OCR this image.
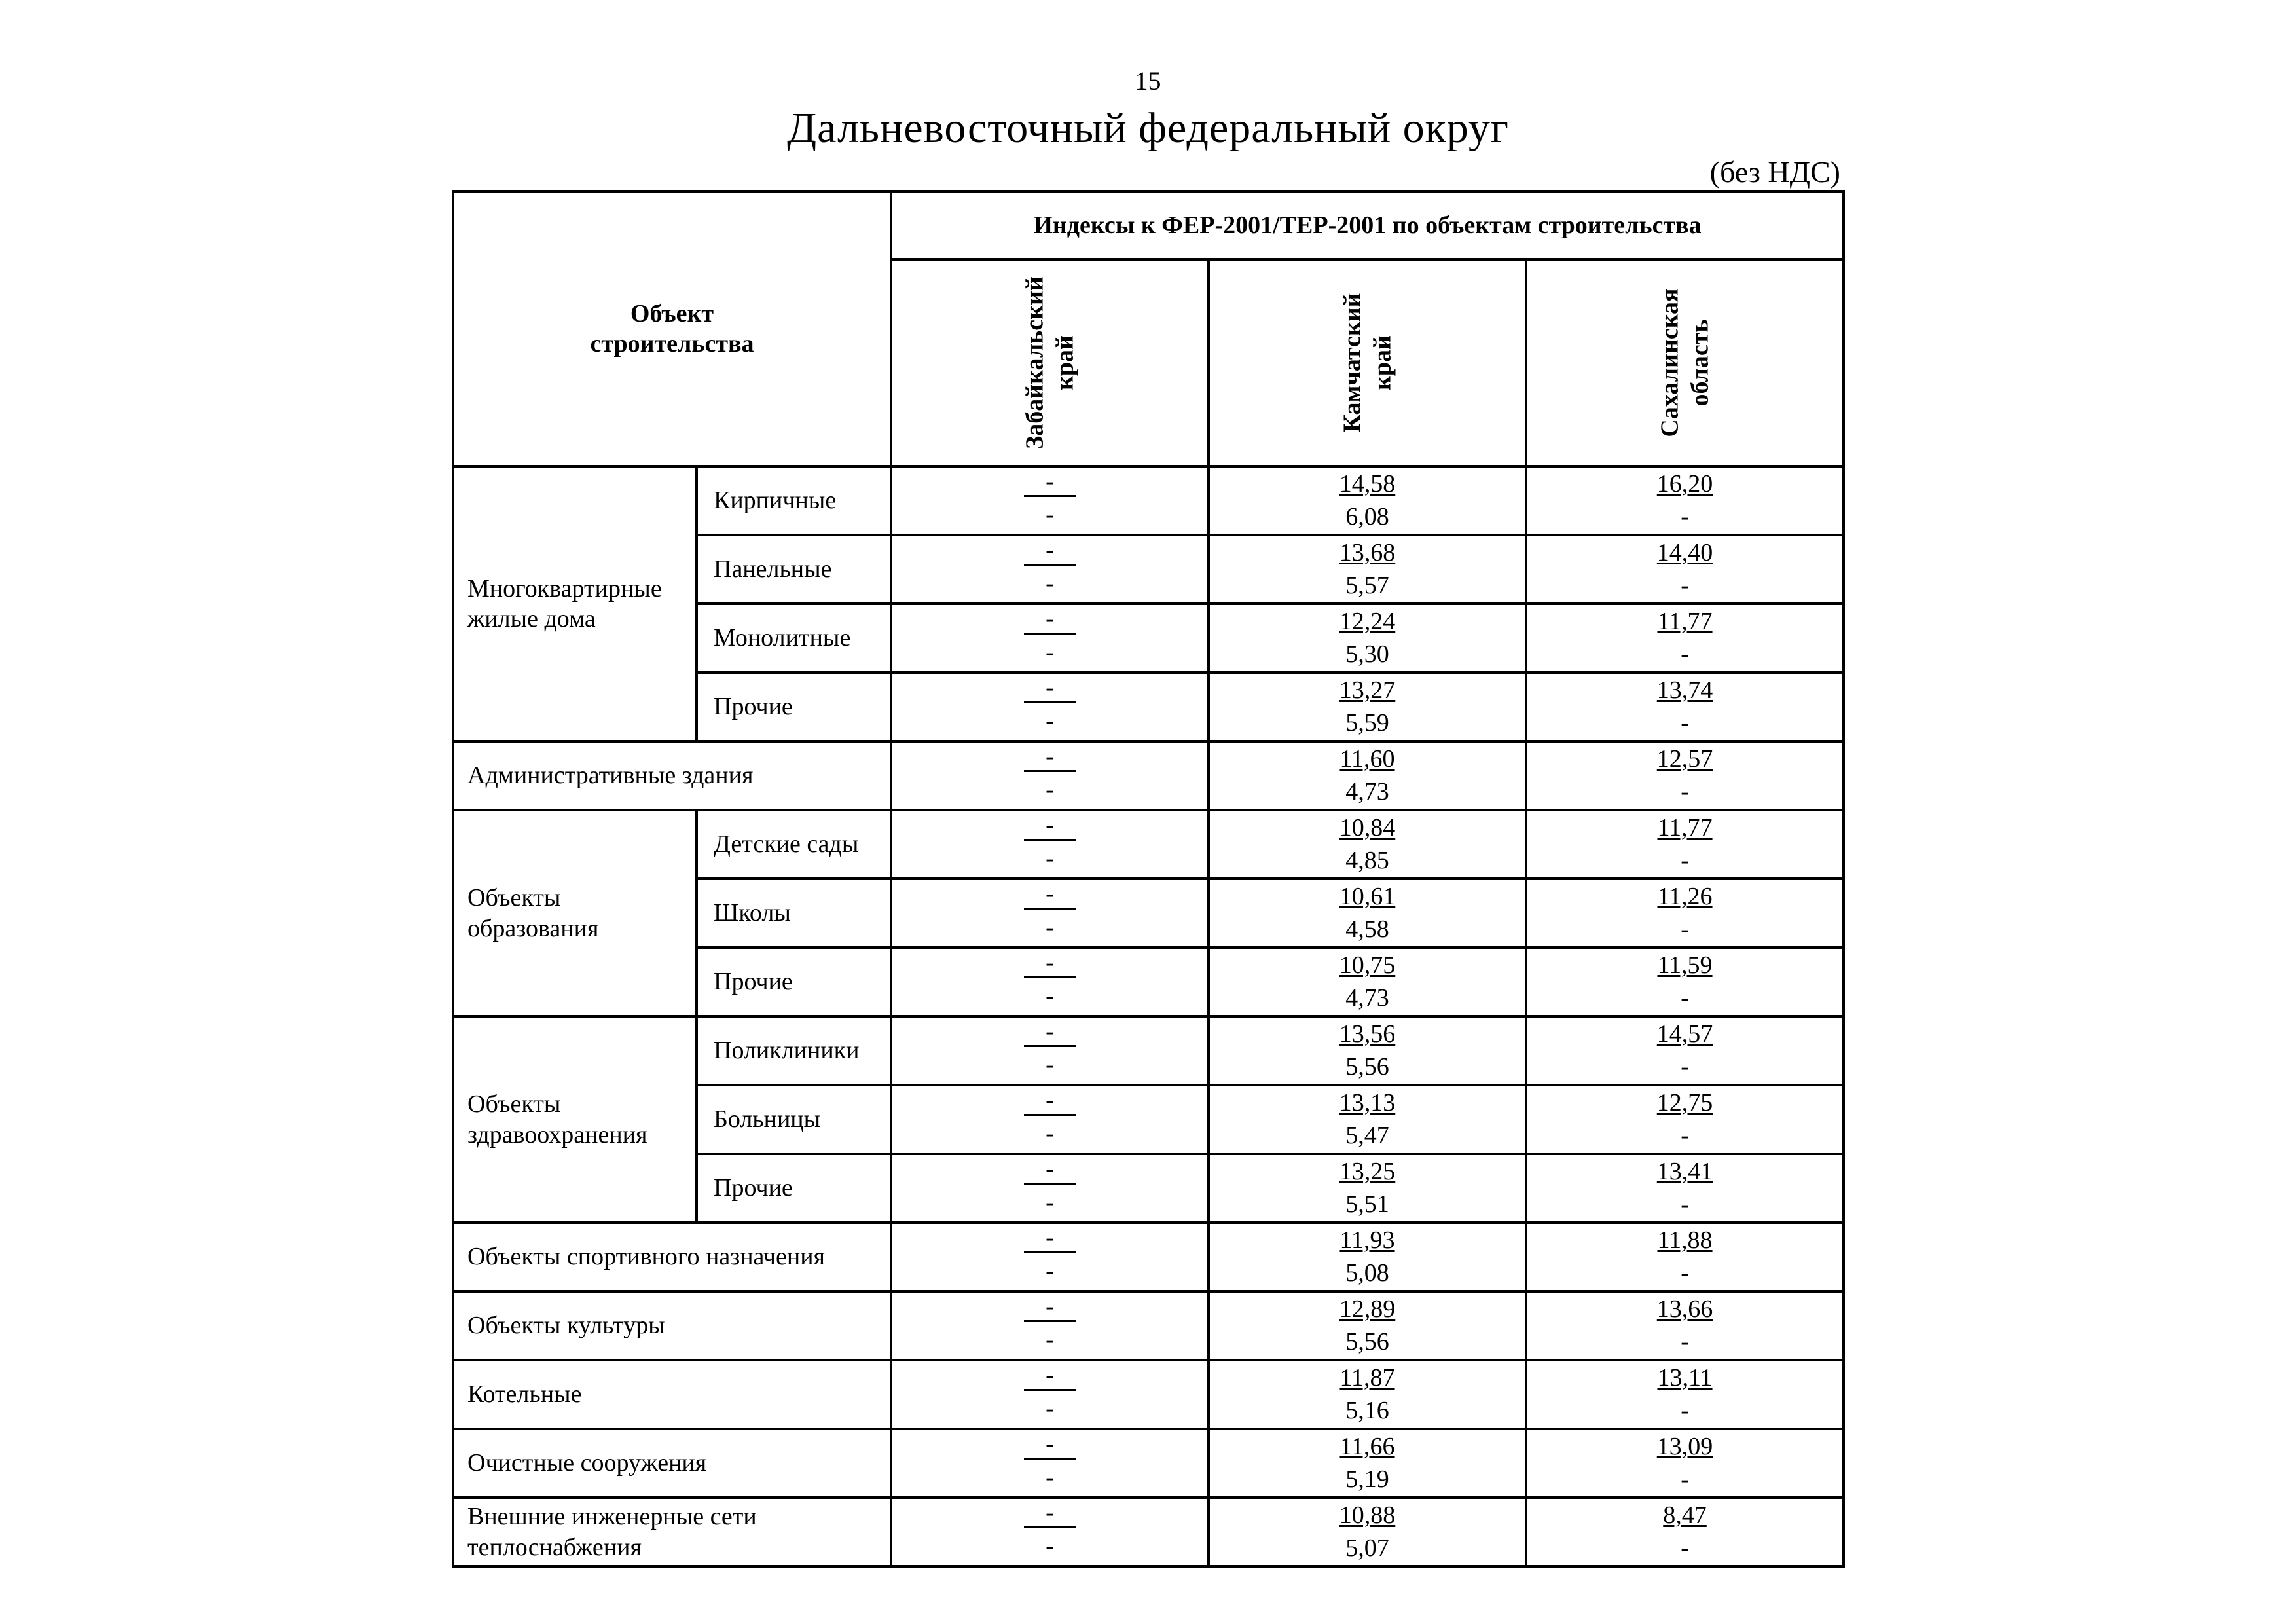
15
Дальневосточный федеральный округ
(без НДС)
Объект
строительства		Индексы к ФЕР-2001/ТЕР-2001 по объектам строительства		

		Забайкальский край	Камчатский край	Сахалинская область

Многоквартирные жилые дома	Кирпичные	$\frac{-}{-}$	$\frac{14,58}{6,08}$	$\frac{16,20}{-}$

	Панельные	$\frac{-}{-}$	$\frac{13,68}{5,57}$	$\frac{14,40}{-}$

	Монолитные	$\frac{-}{-}$	$\frac{12,24}{5,30}$	$\frac{11,77}{-}$

	Прочие	$\frac{-}{-}$	$\frac{13,27}{5,59}$	$\frac{13,74}{-}$

Административные здания		$\frac{-}{-}$	$\frac{11,60}{4,73}$	$\frac{12,57}{-}$

Объекты образования	Детские сады	$\frac{-}{-}$	$\frac{10,84}{4,85}$	$\frac{11,77}{-}$

	Школы	$\frac{-}{-}$	$\frac{10,61}{4,58}$	$\frac{11,26}{-}$

	Прочие	$\frac{-}{-}$	$\frac{10,75}{4,73}$	$\frac{11,59}{-}$

Объекты здравоохранения	Поликлиники	$\frac{-}{-}$	$\frac{13,56}{5,56}$	$\frac{14,57}{-}$

	Больницы	$\frac{-}{-}$	$\frac{13,13}{5,47}$	$\frac{12,75}{-}$

	Прочие	$\frac{-}{-}$	$\frac{13,25}{5,51}$	$\frac{13,41}{-}$

Объекты спортивного назначения		$\frac{-}{-}$	$\frac{11,93}{5,08}$	$\frac{11,88}{-}$

Объекты культуры		$\frac{-}{-}$	$\frac{12,89}{5,56}$	$\frac{13,66}{-}$

Котельные		$\frac{-}{-}$	$\frac{11,87}{5,16}$	$\frac{13,11}{-}$

Очистные сооружения		$\frac{-}{-}$	$\frac{11,66}{5,19}$	$\frac{13,09}{-}$

Внешние инженерные сети теплоснабжения		$\frac{-}{-}$	$\frac{10,88}{5,07}$	$\frac{8,47}{-}$
